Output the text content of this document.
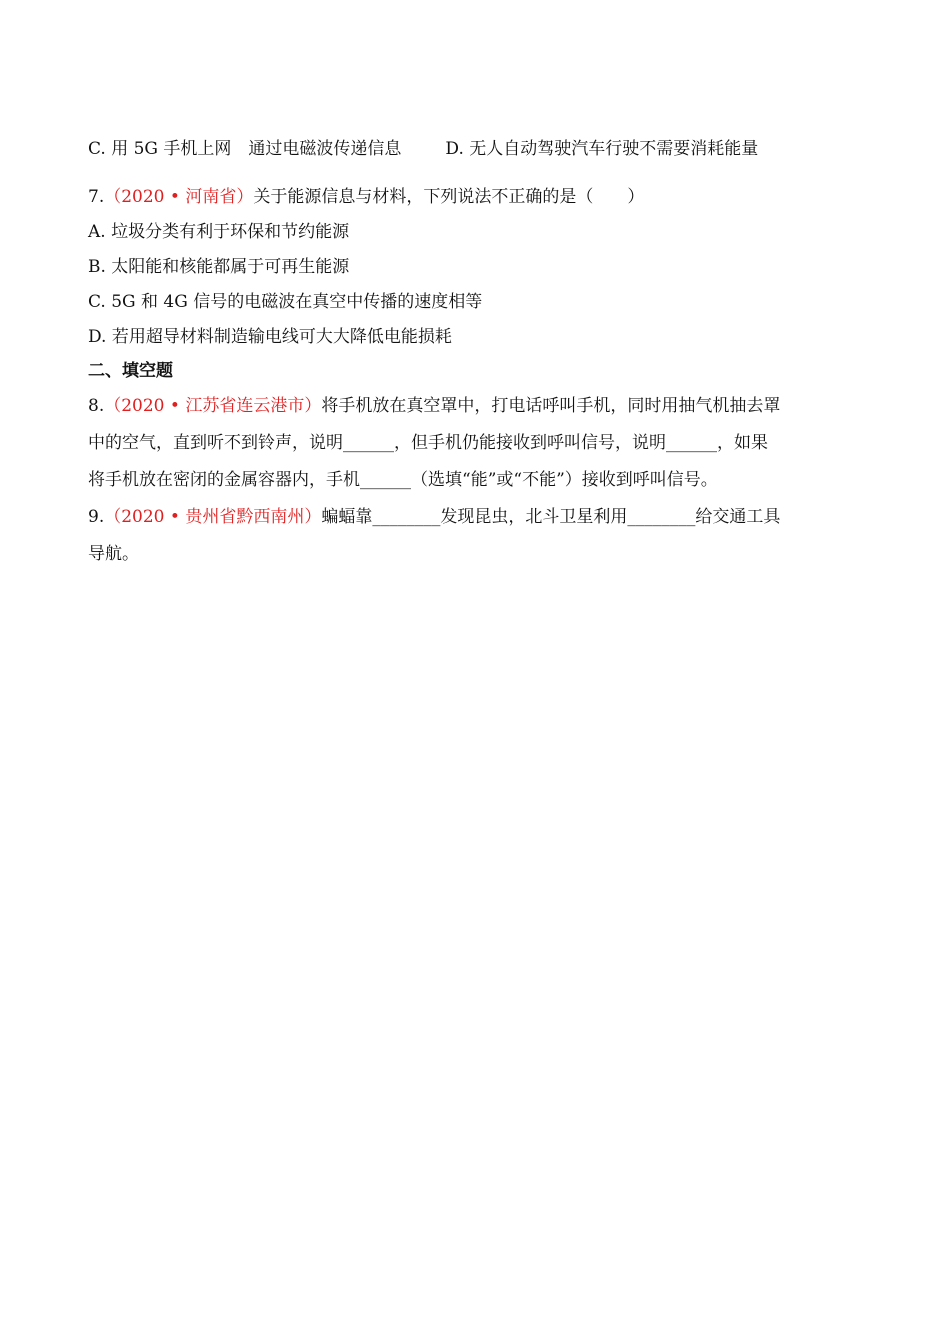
C. 用 5G 手机上网　通过电磁波传递信息	D. 无人自动驾驶汽车行驶不需要消耗能量
7.（2020 • 河南省）关于能源信息与材料，下列说法不正确的是（　　）
A. 垃圾分类有利于环保和节约能源
B. 太阳能和核能都属于可再生能源
C. 5G 和 4G 信号的电磁波在真空中传播的速度相等
D. 若用超导材料制造输电线可大大降低电能损耗
二、填空题
8.（2020 • 江苏省连云港市）将手机放在真空罩中，打电话呼叫手机，同时用抽气机抽去罩
中的空气，直到听不到铃声，说明______，但手机仍能接收到呼叫信号，说明______，如果
将手机放在密闭的金属容器内，手机______（选填“能”或“不能”）接收到呼叫信号。
9.（2020 • 贵州省黔西南州）蝙蝠靠________发现昆虫，北斗卫星利用________给交通工具
导航。
